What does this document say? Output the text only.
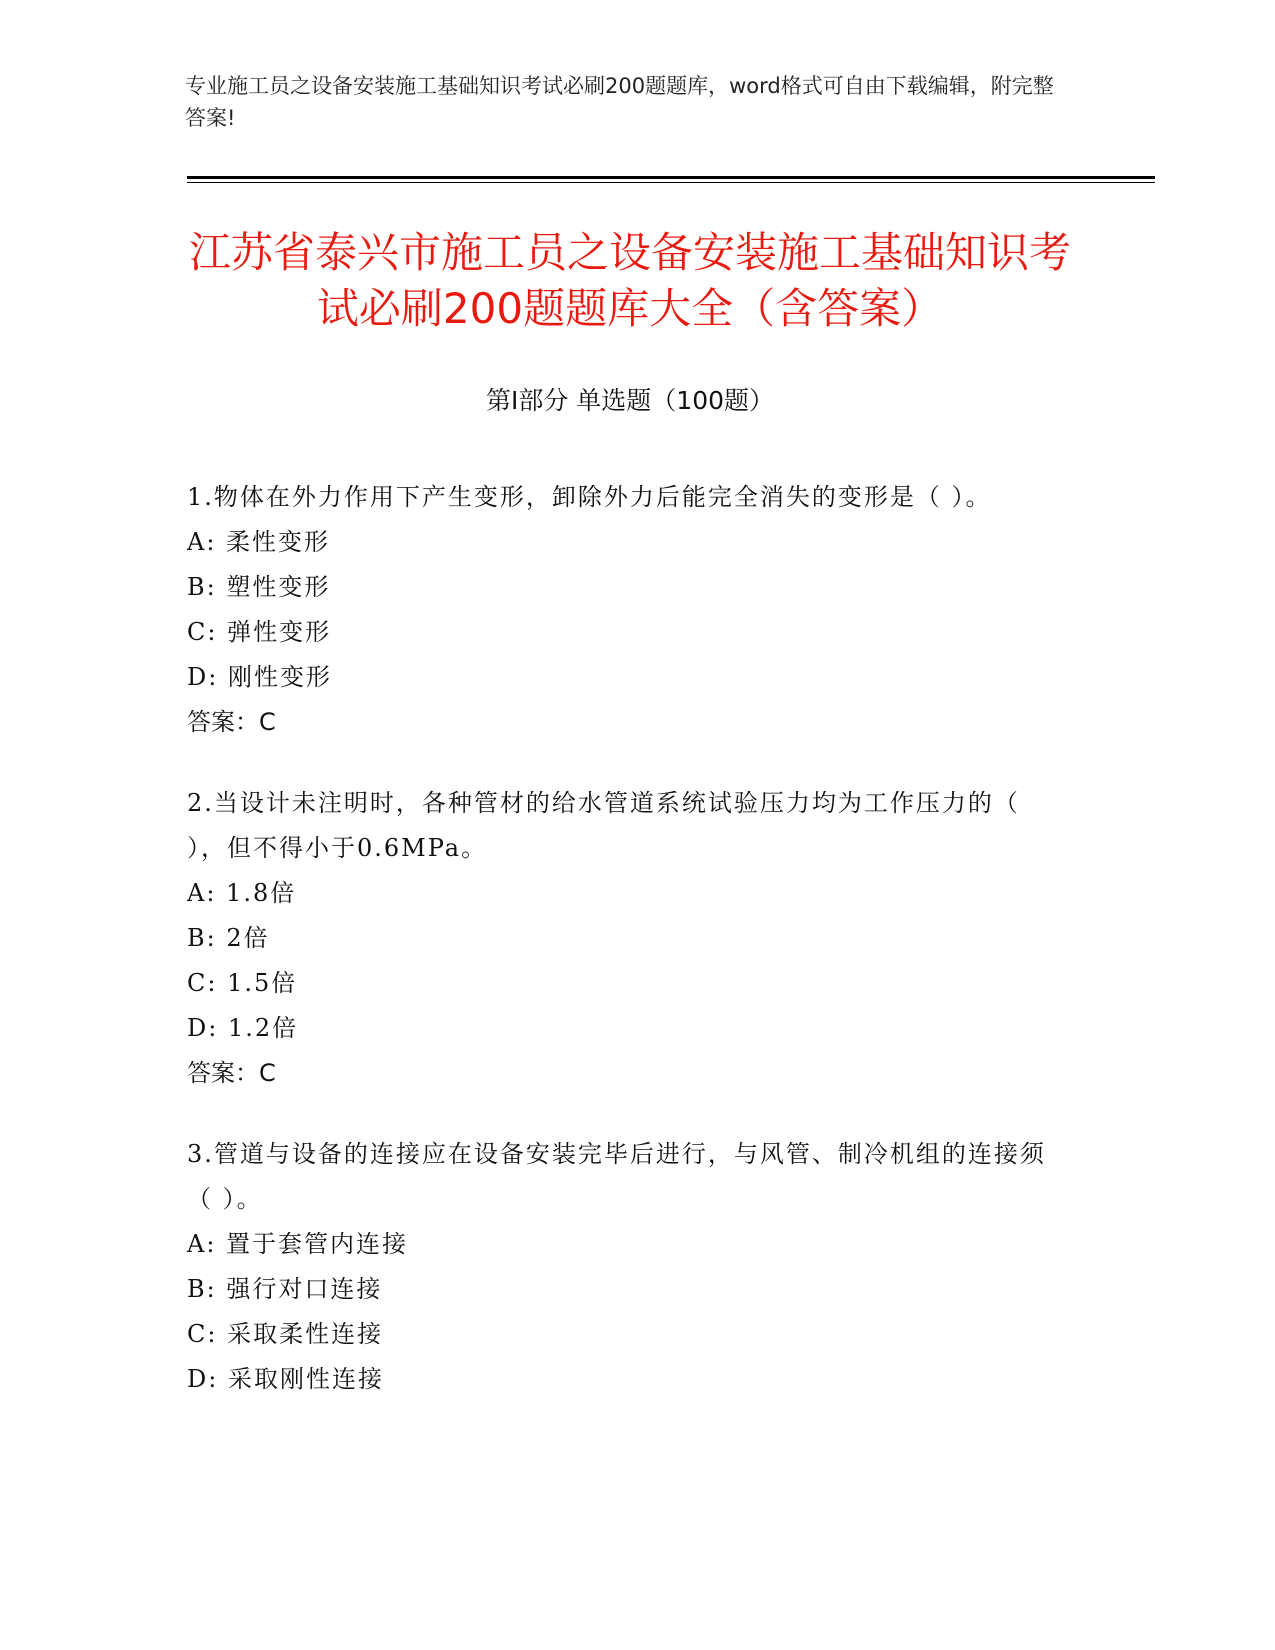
专业施工员之设备安装施工基础知识考试必刷200题题库，word格式可自由下载编辑，附完整答案!
江苏省泰兴市施工员之设备安装施工基础知识考试必刷200题题库大全（含答案）
第I部分 单选题（100题）
1.物体在外力作用下产生变形，卸除外力后能完全消失的变形是（ ）。
A: 柔性变形
B: 塑性变形
C: 弹性变形
D: 刚性变形
答案：C
2.当设计未注明时，各种管材的给水管道系统试验压力均为工作压力的（ ），但不得小于0.6MPa。
A: 1.8倍
B: 2倍
C: 1.5倍
D: 1.2倍
答案：C
3.管道与设备的连接应在设备安装完毕后进行，与风管、制冷机组的连接须（ ）。
A: 置于套管内连接
B: 强行对口连接
C: 采取柔性连接
D: 采取刚性连接
